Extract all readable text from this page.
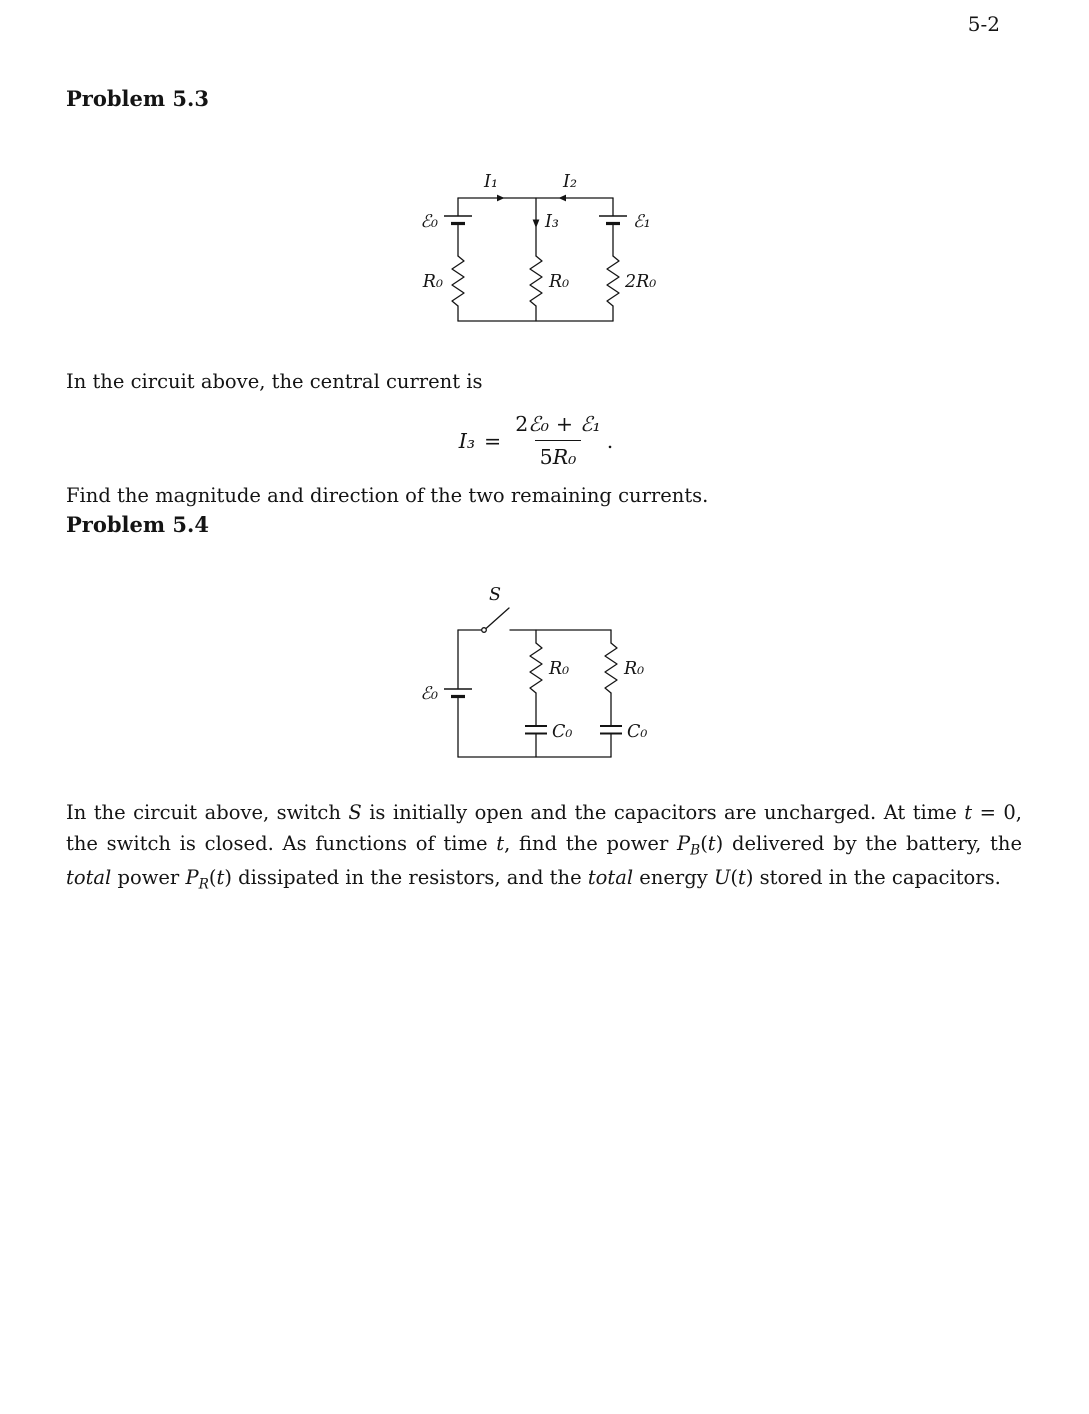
5-2
Problem 5.3
I₁	I₂
I₃
ℰ₀	ℰ₁
R₀	R₀	2R₀

In the circuit above, the central current is

$I_3 = \frac{\text{2ℰ₀ + ℰ₁}}{\text{5R₀}}$ .

Find the magnitude and direction of the two remaining currents.

Problem 5.4
S
ℰ₀
R₀	R₀
C₀	C₀

In the circuit above, switch S is initially open and the capacitors are uncharged. At time t = 0, the switch is closed. As functions of time t, find the power $P_B(t)$ delivered by the battery, the total power $P_R(t)$ dissipated in the resistors, and the total energy U(t) stored in the capacitors.
